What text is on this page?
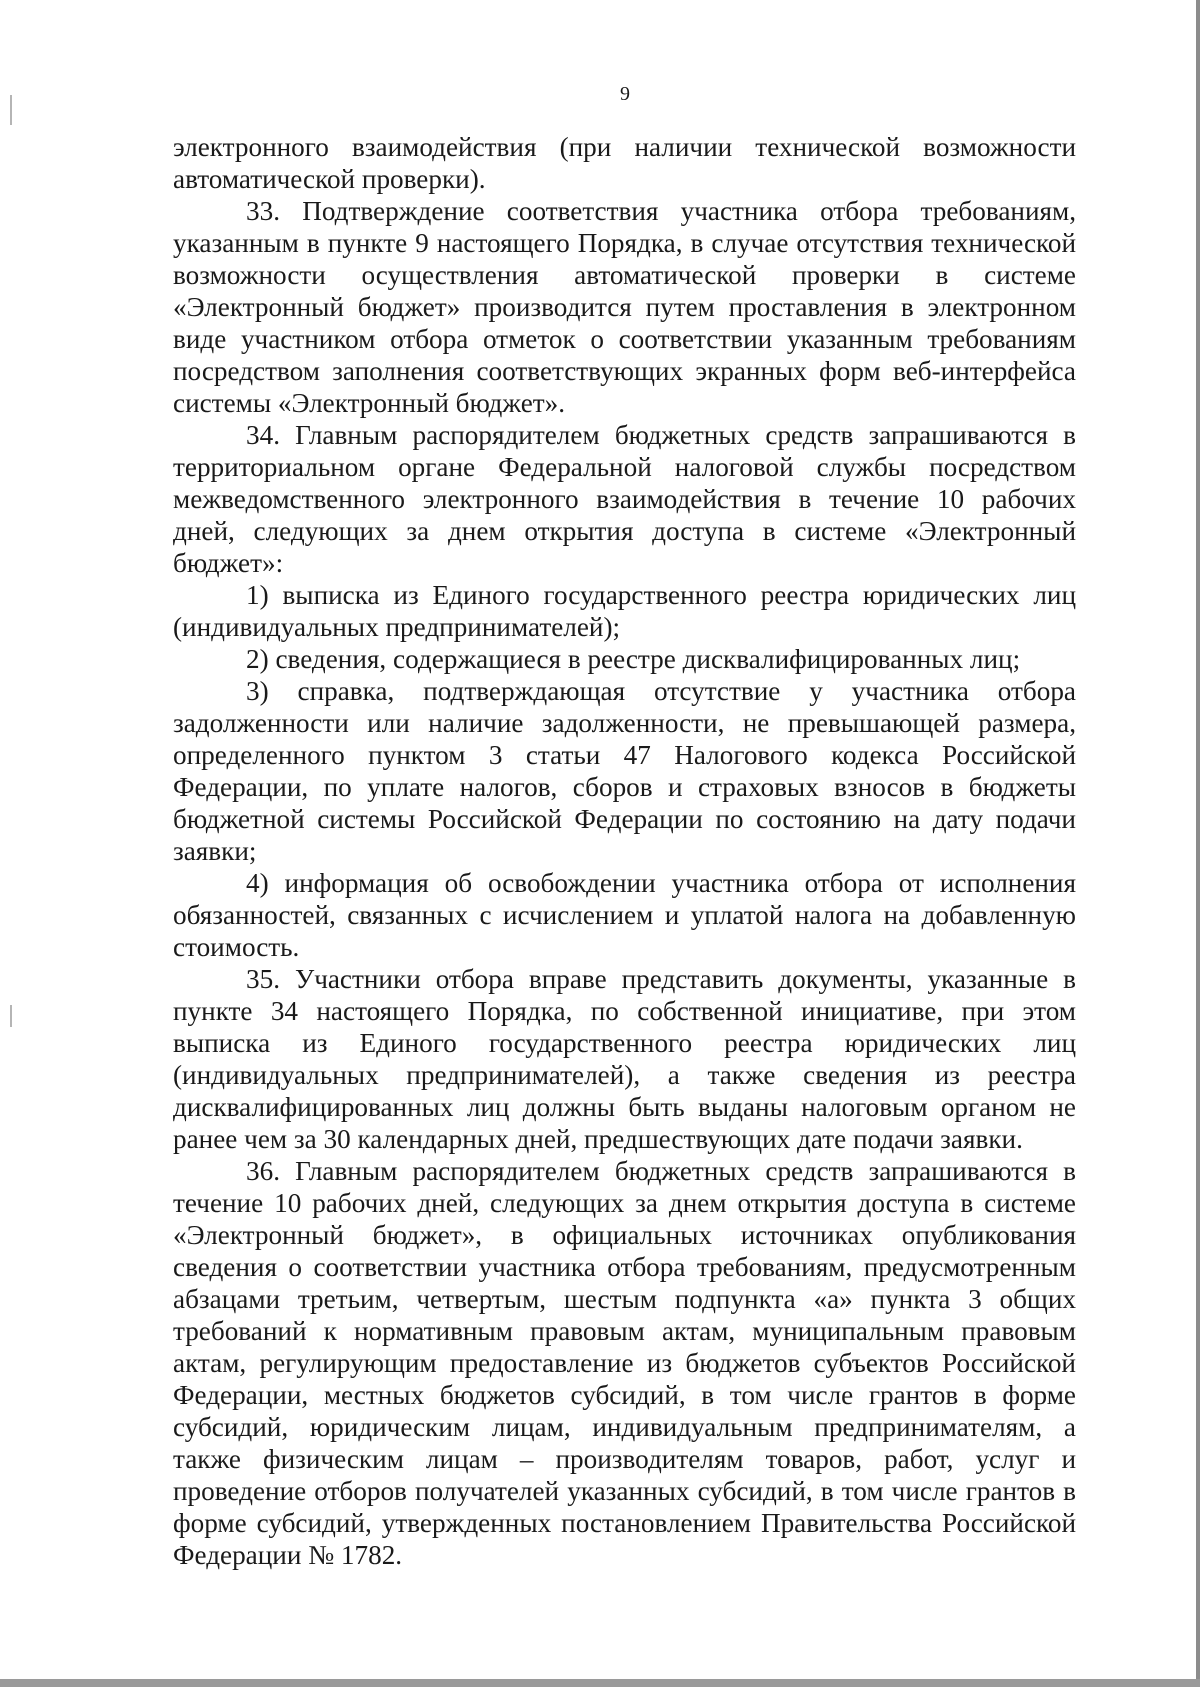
9

электронного взаимодействия (при наличии технической возможности автоматической проверки).

33. Подтверждение соответствия участника отбора требованиям, указанным в пункте 9 настоящего Порядка, в случае отсутствия технической возможности осуществления автоматической проверки в системе «Электронный бюджет» производится путем проставления в электронном виде участником отбора отметок о соответствии указанным требованиям посредством заполнения соответствующих экранных форм веб-интерфейса системы «Электронный бюджет».

34. Главным распорядителем бюджетных средств запрашиваются в территориальном органе Федеральной налоговой службы посредством межведомственного электронного взаимодействия в течение 10 рабочих дней, следующих за днем открытия доступа в системе «Электронный бюджет»:

1) выписка из Единого государственного реестра юридических лиц (индивидуальных предпринимателей);

2) сведения, содержащиеся в реестре дисквалифицированных лиц;

3) справка, подтверждающая отсутствие у участника отбора задолженности или наличие задолженности, не превышающей размера, определенного пунктом 3 статьи 47 Налогового кодекса Российской Федерации, по уплате налогов, сборов и страховых взносов в бюджеты бюджетной системы Российской Федерации по состоянию на дату подачи заявки;

4) информация об освобождении участника отбора от исполнения обязанностей, связанных с исчислением и уплатой налога на добавленную стоимость.

35. Участники отбора вправе представить документы, указанные в пункте 34 настоящего Порядка, по собственной инициативе, при этом выписка из Единого государственного реестра юридических лиц (индивидуальных предпринимателей), а также сведения из реестра дисквалифицированных лиц должны быть выданы налоговым органом не ранее чем за 30 календарных дней, предшествующих дате подачи заявки.

36. Главным распорядителем бюджетных средств запрашиваются в течение 10 рабочих дней, следующих за днем открытия доступа в системе «Электронный бюджет», в официальных источниках опубликования сведения о соответствии участника отбора требованиям, предусмотренным абзацами третьим, четвертым, шестым подпункта «а» пункта 3 общих требований к нормативным правовым актам, муниципальным правовым актам, регулирующим предоставление из бюджетов субъектов Российской Федерации, местных бюджетов субсидий, в том числе грантов в форме субсидий, юридическим лицам, индивидуальным предпринимателям, а также физическим лицам – производителям товаров, работ, услуг и проведение отборов получателей указанных субсидий, в том числе грантов в форме субсидий, утвержденных постановлением Правительства Российской Федерации № 1782.
